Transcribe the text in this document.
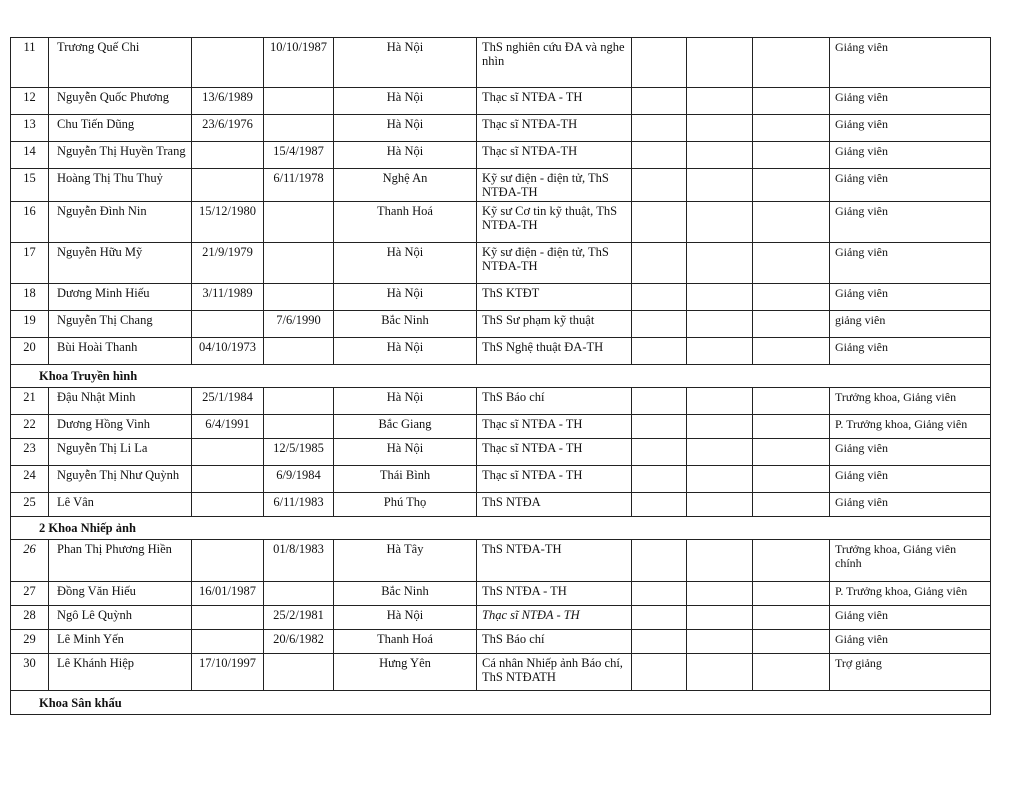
11	Trương Quế Chi		10/10/1987	Hà Nội	ThS nghiên cứu ĐA và nghe nhìn				Giảng viên
12	Nguyễn Quốc Phương	13/6/1989		Hà Nội	Thạc sĩ NTĐA - TH				Giảng viên
13	Chu Tiến Dũng	23/6/1976		Hà Nội	Thạc sĩ NTĐA-TH				Giảng viên
14	Nguyễn Thị Huyền Trang		15/4/1987	Hà Nội	Thạc sĩ NTĐA-TH				Giảng viên
15	Hoàng Thị Thu Thuỷ		6/11/1978	Nghệ An	Kỹ sư điện - điện tử, ThS NTĐA-TH				Giảng viên
16	Nguyễn Đình Nin	15/12/1980		Thanh Hoá	Kỹ sư Cơ tin kỹ thuật, ThS NTĐA-TH				Giảng viên
17	Nguyễn Hữu Mỹ	21/9/1979		Hà Nội	Kỹ sư điện - điện tử, ThS NTĐA-TH				Giảng viên
18	Dương Minh Hiếu	3/11/1989		Hà Nội	ThS KTĐT				Giảng viên
19	Nguyễn Thị Chang		7/6/1990	Bắc Ninh	ThS Sư phạm kỹ thuật				giảng viên
20	Bùi Hoài Thanh	04/10/1973		Hà Nội	ThS Nghệ thuật ĐA-TH				Giảng viên
Khoa Truyền hình									
21	Đậu Nhật Minh	25/1/1984		Hà Nội	ThS Báo chí				Trưởng khoa, Giảng viên
22	Dương Hồng Vinh	6/4/1991		Bắc Giang	Thạc sĩ NTĐA - TH				P. Trưởng khoa, Giảng viên
23	Nguyễn Thị Li La		12/5/1985	Hà Nội	Thạc sĩ NTĐA - TH				Giảng viên
24	Nguyễn Thị Như Quỳnh		6/9/1984	Thái Bình	Thạc sĩ NTĐA - TH				Giảng viên
25	Lê Vân		6/11/1983	Phú Thọ	ThS NTĐA				Giảng viên
2 Khoa Nhiếp ảnh									
26	Phan Thị Phương Hiền		01/8/1983	Hà Tây	ThS NTĐA-TH				Trưởng khoa, Giảng viên chính
27	Đồng Văn Hiếu	16/01/1987		Bắc Ninh	ThS NTĐA - TH				P. Trưởng khoa, Giảng viên
28	Ngô Lê Quỳnh		25/2/1981	Hà Nội	Thạc sĩ NTĐA - TH				Giảng viên
29	Lê Minh Yến		20/6/1982	Thanh Hoá	ThS Báo chí				Giảng viên
30	Lê Khánh Hiệp	17/10/1997		Hưng Yên	Cá nhân Nhiếp ảnh Báo chí, ThS NTĐATH				Trợ giảng
Khoa Sân khấu									
